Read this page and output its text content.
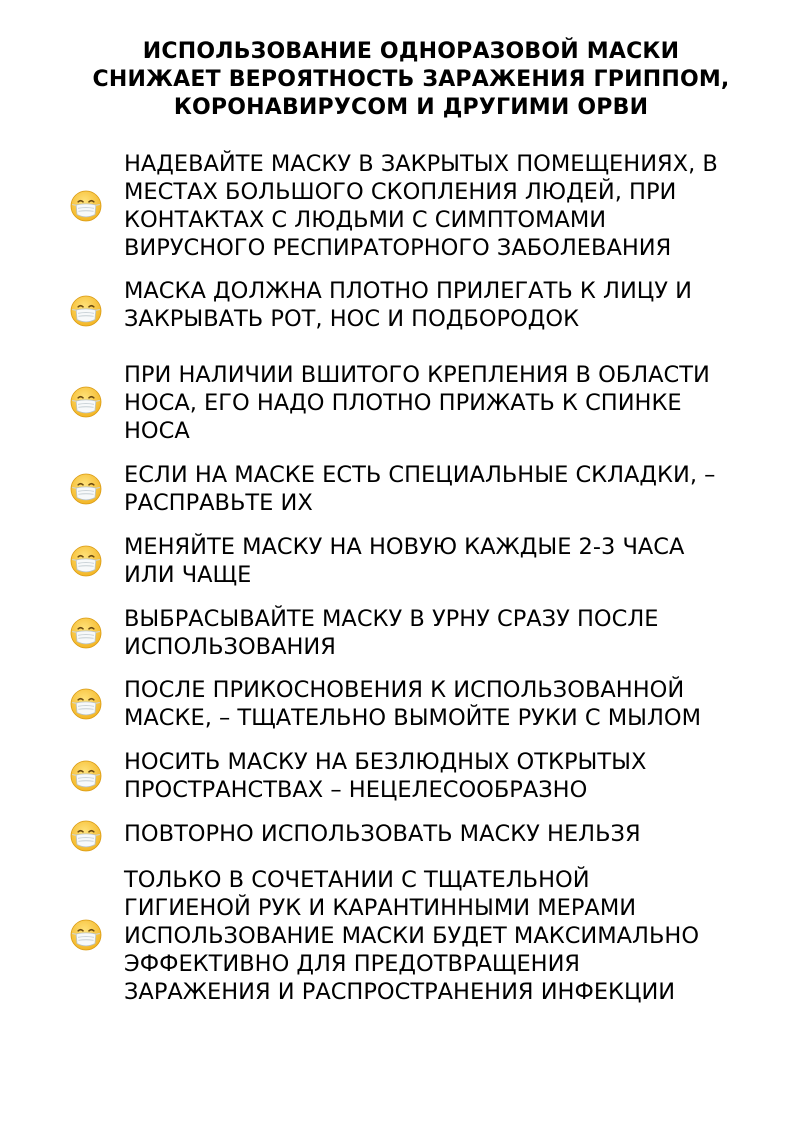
ИСПОЛЬЗОВАНИЕ ОДНОРАЗОВОЙ МАСКИ
СНИЖАЕТ ВЕРОЯТНОСТЬ ЗАРАЖЕНИЯ ГРИППОМ,
КОРОНАВИРУСОМ И ДРУГИМИ ОРВИ
НАДЕВАЙТЕ МАСКУ В ЗАКРЫТЫХ ПОМЕЩЕНИЯХ, В
МЕСТАХ БОЛЬШОГО СКОПЛЕНИЯ ЛЮДЕЙ, ПРИ
КОНТАКТАХ С ЛЮДЬМИ С СИМПТОМАМИ
ВИРУСНОГО РЕСПИРАТОРНОГО ЗАБОЛЕВАНИЯ
МАСКА ДОЛЖНА ПЛОТНО ПРИЛЕГАТЬ К ЛИЦУ И
ЗАКРЫВАТЬ РОТ, НОС И ПОДБОРОДОК
ПРИ НАЛИЧИИ ВШИТОГО КРЕПЛЕНИЯ В ОБЛАСТИ
НОСА, ЕГО НАДО ПЛОТНО ПРИЖАТЬ К СПИНКЕ
НОСА
ЕСЛИ НА МАСКЕ ЕСТЬ СПЕЦИАЛЬНЫЕ СКЛАДКИ, –
РАСПРАВЬТЕ ИХ
МЕНЯЙТЕ МАСКУ НА НОВУЮ КАЖДЫЕ 2-3 ЧАСА
ИЛИ ЧАЩЕ
ВЫБРАСЫВАЙТЕ МАСКУ В УРНУ СРАЗУ ПОСЛЕ
ИСПОЛЬЗОВАНИЯ
ПОСЛЕ ПРИКОСНОВЕНИЯ К ИСПОЛЬЗОВАННОЙ
МАСКЕ, – ТЩАТЕЛЬНО ВЫМОЙТЕ РУКИ С МЫЛОМ
НОСИТЬ МАСКУ НА БЕЗЛЮДНЫХ ОТКРЫТЫХ
ПРОСТРАНСТВАХ – НЕЦЕЛЕСООБРАЗНО
ПОВТОРНО ИСПОЛЬЗОВАТЬ МАСКУ НЕЛЬЗЯ
ТОЛЬКО В СОЧЕТАНИИ С ТЩАТЕЛЬНОЙ
ГИГИЕНОЙ РУК И КАРАНТИННЫМИ МЕРАМИ
ИСПОЛЬЗОВАНИЕ МАСКИ БУДЕТ МАКСИМАЛЬНО
ЭФФЕКТИВНО ДЛЯ ПРЕДОТВРАЩЕНИЯ
ЗАРАЖЕНИЯ И РАСПРОСТРАНЕНИЯ ИНФЕКЦИИ
